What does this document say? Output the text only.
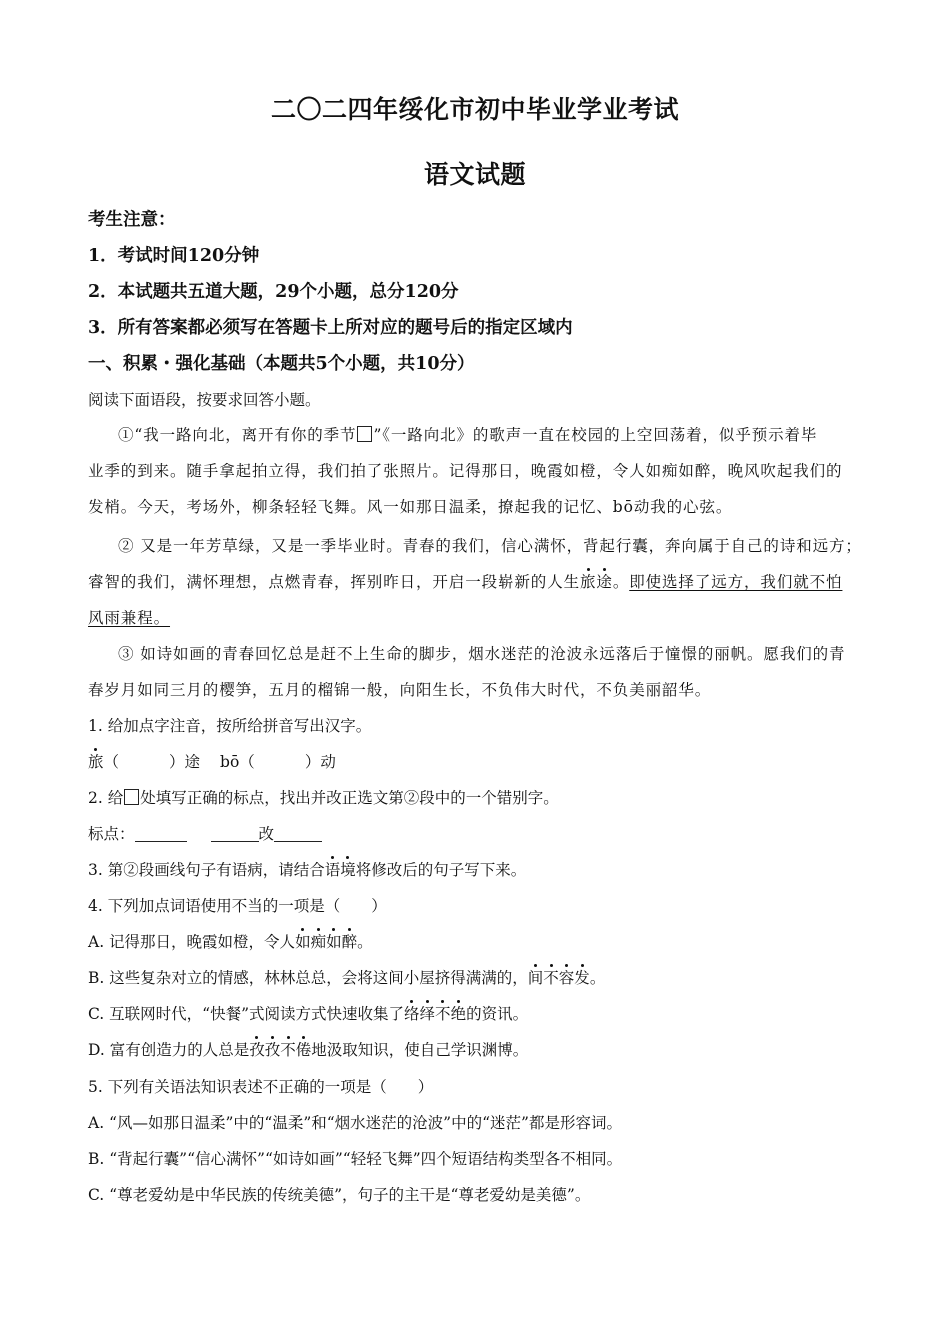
二〇二四年绥化市初中毕业学业考试
语文试题
考生注意：
1．考试时间120分钟
2．本试题共五道大题，29个小题，总分120分
3．所有答案都必须写在答题卡上所对应的题号后的指定区域内
一、积累・强化基础（本题共5个小题，共10分）
阅读下面语段，按要求回答小题。
①“我一路向北，离开有你的季节 ”《一路向北》的歌声一直在校园的上空回荡着，似乎预示着毕
业季的到来。随手拿起拍立得，我们拍了张照片。记得那日，晚霞如橙，令人如痴如醉，晚风吹起我们的
发梢。今天，考场外，柳条轻轻飞舞。风一如那日温柔，撩起我的记忆、bō动我的心弦。
② 又是一年芳草绿，又是一季毕业时。青春的我们，信心满怀，背起行囊，奔向属于自己的诗和远方；
睿智的我们，满怀理想，点燃青春，挥别昨日，开启一段崭新的人生旅途。即使选择了远方，我们就不怕
风雨兼程。
③ 如诗如画的青春回忆总是赶不上生命的脚步，烟水迷茫的沧波永远落后于憧憬的丽帆。愿我们的青
春岁月如同三月的樱笋，五月的榴锦一般，向阳生长，不负伟大时代，不负美丽韶华。
1. 给加点字注音，按所给拼音写出汉字。
旅（	）途 bō（	）动
2. 给 处填写正确的标点，找出并改正选文第②段中的一个错别字。
标点：	改
3. 第②段画线句子有语病，请结合语境将修改后的句子写下来。
4. 下列加点词语使用不当的一项是（　　）
A. 记得那日，晚霞如橙，令人如痴如醉。
B. 这些复杂对立的情感，林林总总，会将这间小屋挤得满满的，间不容发。
C. 互联网时代，“快餐”式阅读方式快速收集了络绎不绝的资讯。
D. 富有创造力的人总是孜孜不倦地汲取知识，使自己学识渊博。
5. 下列有关语法知识表述不正确的一项是（　　）
A. “风—如那日温柔”中的“温柔”和“烟水迷茫的沧波”中的“迷茫”都是形容词。
B. “背起行囊”“信心满怀”“如诗如画”“轻轻飞舞”四个短语结构类型各不相同。
C. “尊老爱幼是中华民族的传统美德”，句子的主干是“尊老爱幼是美德”。
